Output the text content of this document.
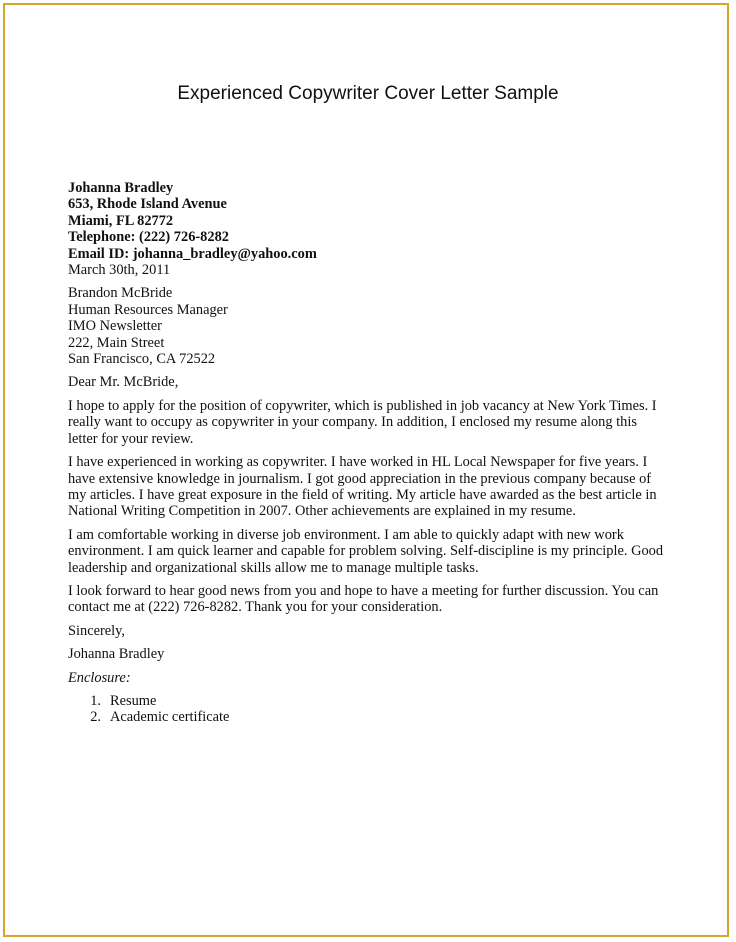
Experienced Copywriter Cover Letter Sample
Johanna Bradley
653, Rhode Island Avenue
Miami, FL 82772
Telephone: (222) 726-8282
Email ID: johanna_bradley@yahoo.com
March 30th, 2011
Brandon McBride
Human Resources Manager
IMO Newsletter
222, Main Street
San Francisco, CA 72522
Dear Mr. McBride,
I hope to apply for the position of copywriter, which is published in job vacancy at New York Times. I
really want to occupy as copywriter in your company. In addition, I enclosed my resume along this
letter for your review.
I have experienced in working as copywriter. I have worked in HL Local Newspaper for five years. I
have extensive knowledge in journalism. I got good appreciation in the previous company because of
my articles. I have great exposure in the field of writing. My article have awarded as the best article in
National Writing Competition in 2007. Other achievements are explained in my resume.
I am comfortable working in diverse job environment. I am able to quickly adapt with new work
environment. I am quick learner and capable for problem solving. Self-discipline is my principle. Good
leadership and organizational skills allow me to manage multiple tasks.
I look forward to hear good news from you and hope to have a meeting for further discussion. You can
contact me at (222) 726-8282. Thank you for your consideration.
Sincerely,
Johanna Bradley
Enclosure:
1. Resume
2. Academic certificate
